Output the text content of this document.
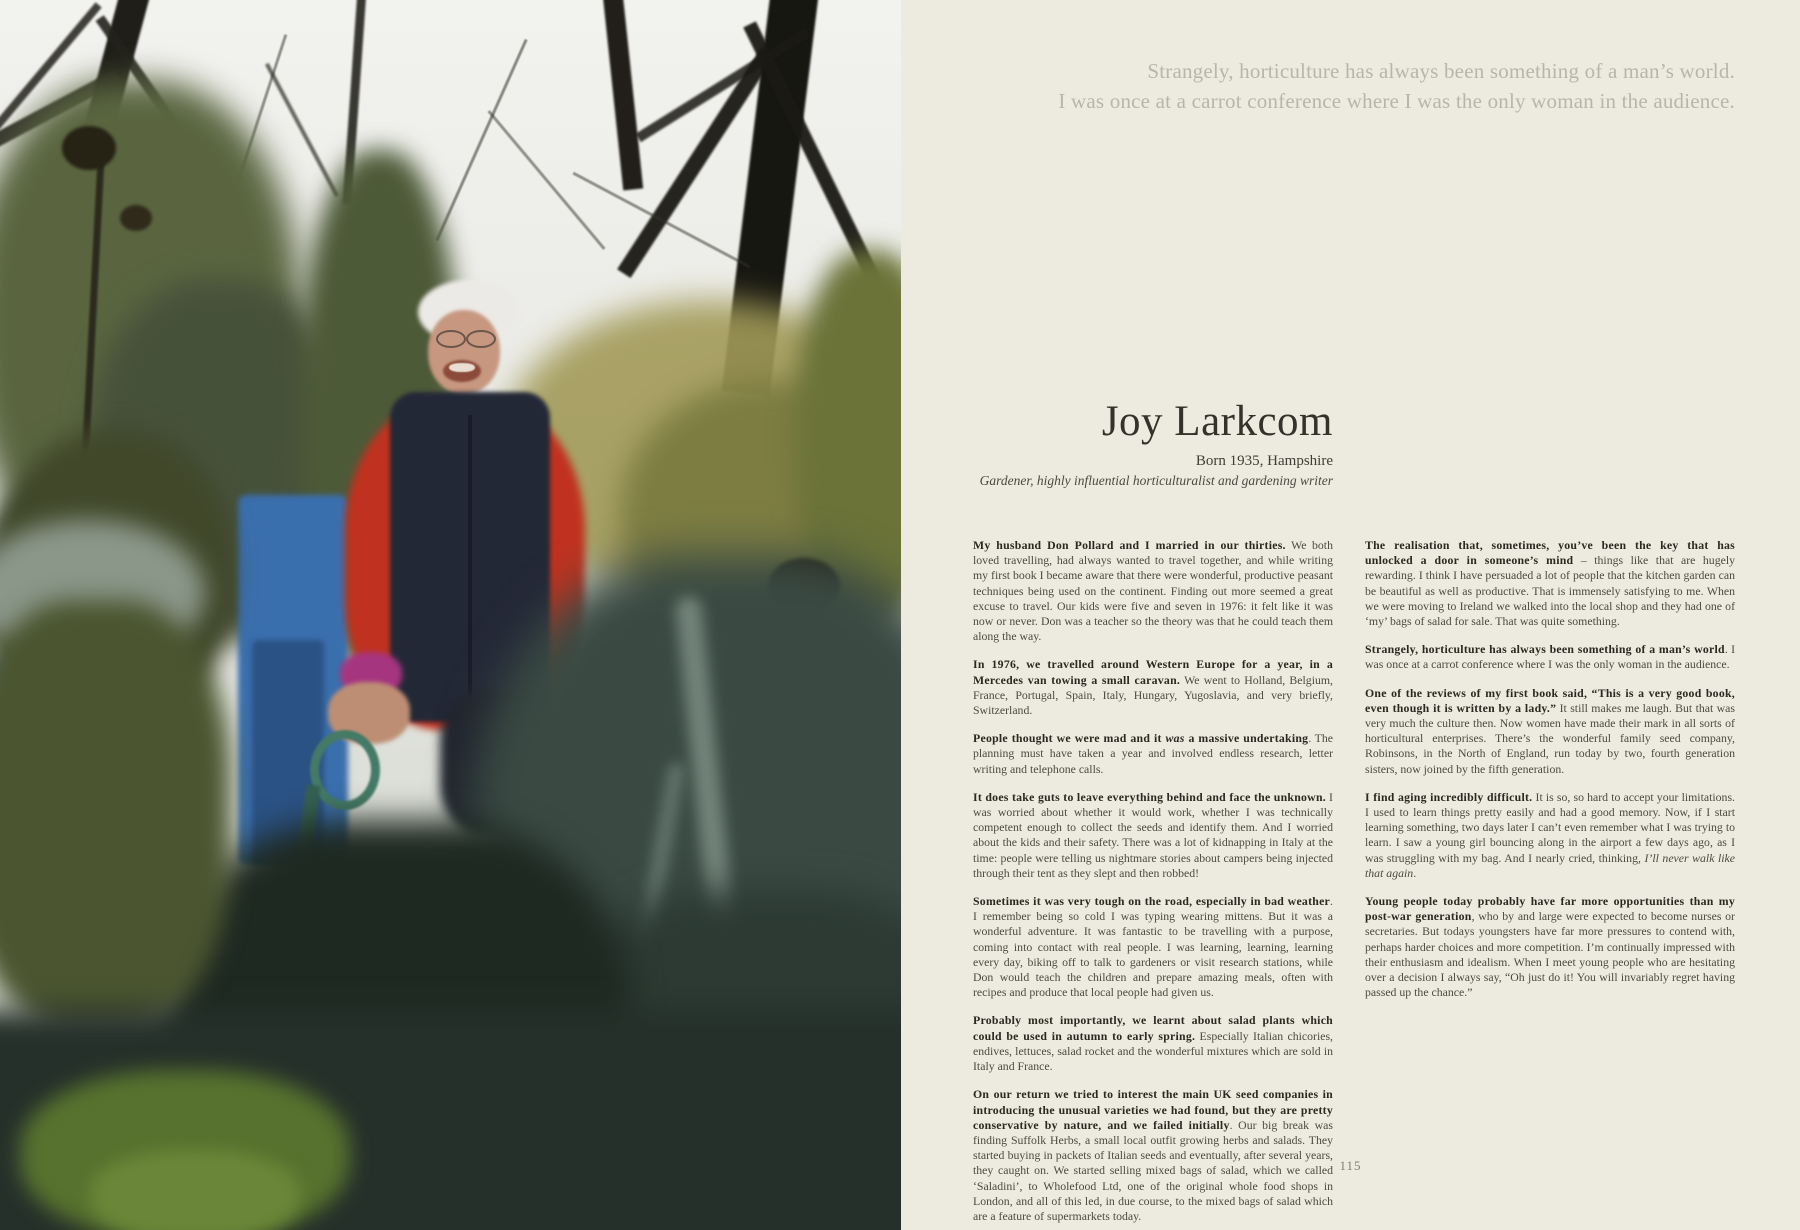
Strangely, horticulture has always been something of a man’s world.
I was once at a carrot conference where I was the only woman in the audience.
Joy Larkcom
Born 1935, Hampshire
Gardener, highly influential horticulturalist and gardening writer

My husband Don Pollard and I married in our thirties. We both loved travelling, had always wanted to travel together, and while writing my first book I became aware that there were wonderful, productive peasant techniques being used on the continent. Finding out more seemed a great excuse to travel. Our kids were five and seven in 1976: it felt like it was now or never. Don was a teacher so the theory was that he could teach them along the way.

In 1976, we travelled around Western Europe for a year, in a Mercedes van towing a small caravan. We went to Holland, Belgium, France, Portugal, Spain, Italy, Hungary, Yugoslavia, and very briefly, Switzerland.

People thought we were mad and it was a massive undertaking. The planning must have taken a year and involved endless research, letter writing and telephone calls.

It does take guts to leave everything behind and face the unknown. I was worried about whether it would work, whether I was technically competent enough to collect the seeds and identify them. And I worried about the kids and their safety. There was a lot of kidnapping in Italy at the time: people were telling us nightmare stories about campers being injected through their tent as they slept and then robbed!

Sometimes it was very tough on the road, especially in bad weather. I remember being so cold I was typing wearing mittens. But it was a wonderful adventure. It was fantastic to be travelling with a purpose, coming into contact with real people. I was learning, learning, learning every day, biking off to talk to gardeners or visit research stations, while Don would teach the children and prepare amazing meals, often with recipes and produce that local people had given us.

Probably most importantly, we learnt about salad plants which could be used in autumn to early spring. Especially Italian chicories, endives, lettuces, salad rocket and the wonderful mixtures which are sold in Italy and France.

On our return we tried to interest the main UK seed companies in introducing the unusual varieties we had found, but they are pretty conservative by nature, and we failed initially. Our big break was finding Suffolk Herbs, a small local outfit growing herbs and salads. They started buying in packets of Italian seeds and eventually, after several years, they caught on. We started selling mixed bags of salad, which we called ‘Saladini’, to Wholefood Ltd, one of the original whole food shops in London, and all of this led, in due course, to the mixed bags of salad which are a feature of supermarkets today.

The realisation that, sometimes, you’ve been the key that has unlocked a door in someone’s mind – things like that are hugely rewarding. I think I have persuaded a lot of people that the kitchen garden can be beautiful as well as productive. That is immensely satisfying to me. When we were moving to Ireland we walked into the local shop and they had one of ‘my’ bags of salad for sale. That was quite something.

Strangely, horticulture has always been something of a man’s world. I was once at a carrot conference where I was the only woman in the audience.

One of the reviews of my first book said, “This is a very good book, even though it is written by a lady.” It still makes me laugh. But that was very much the culture then. Now women have made their mark in all sorts of horticultural enterprises. There’s the wonderful family seed company, Robinsons, in the North of England, run today by two, fourth generation sisters, now joined by the fifth generation.

I find aging incredibly difficult. It is so, so hard to accept your limitations. I used to learn things pretty easily and had a good memory. Now, if I start learning something, two days later I can’t even remember what I was trying to learn. I saw a young girl bouncing along in the airport a few days ago, as I was struggling with my bag. And I nearly cried, thinking, I’ll never walk like that again.

Young people today probably have far more opportunities than my post-war generation, who by and large were expected to become nurses or secretaries. But todays youngsters have far more pressures to contend with, perhaps harder choices and more competition. I’m continually impressed with their enthusiasm and idealism. When I meet young people who are hesitating over a decision I always say, “Oh just do it! You will invariably regret having passed up the chance.”

115
